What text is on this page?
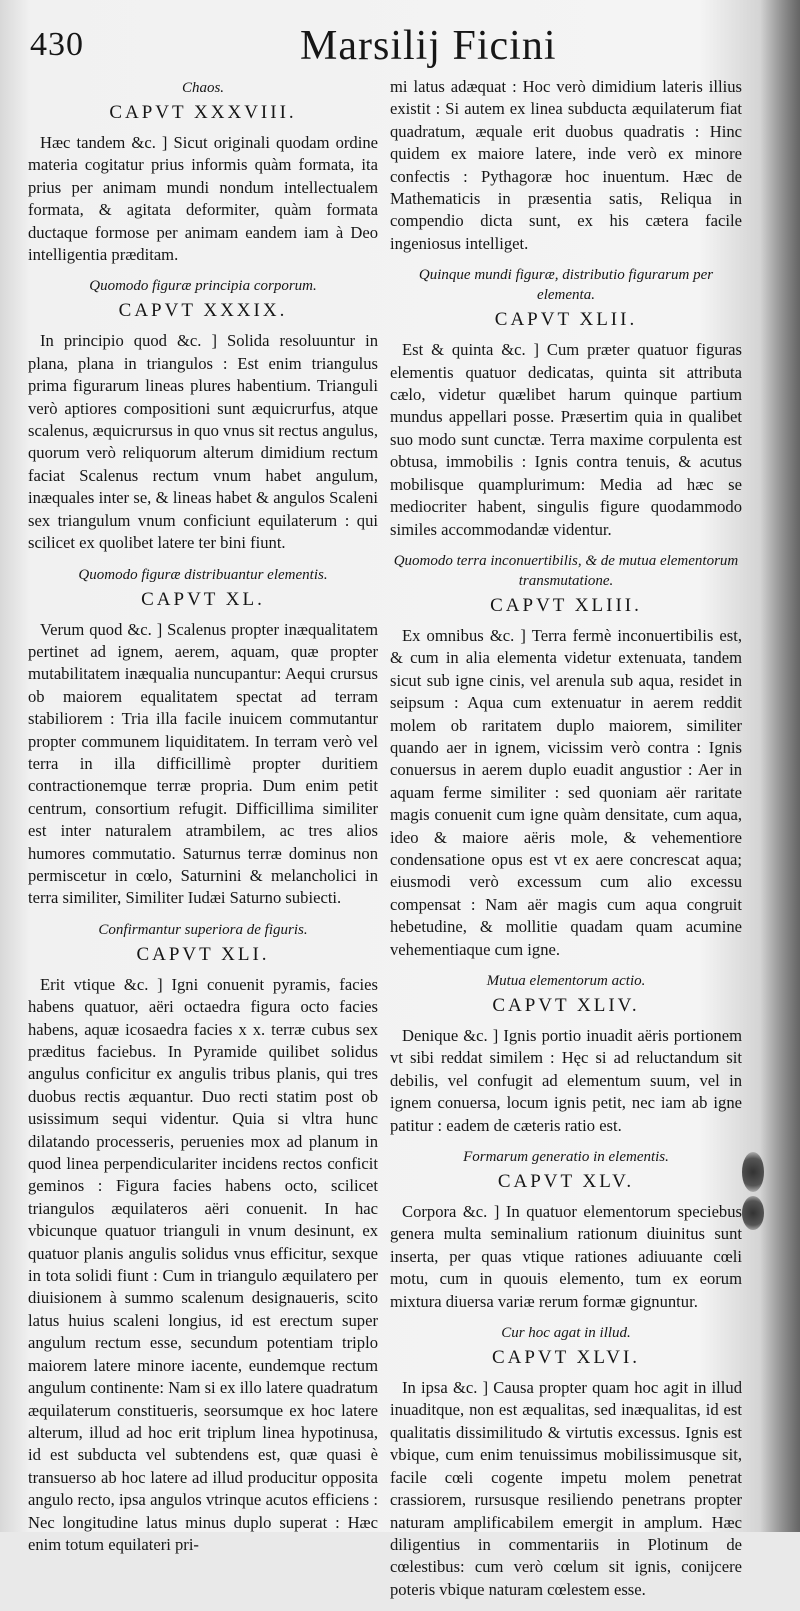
430	Marsilij Ficini
Chaos.
CAPVT XXXVIII.

Hæc tandem &c. ] Sicut originali quodam ordine materia cogitatur prius informis quàm formata, ita prius per animam mundi nondum intellectualem formata, & agitata deformiter, quàm formata ductaque formose per animam eandem iam à Deo intelligentia præditam.

Quomodo figuræ principia corporum.
CAPVT XXXIX.

In principio quod &c. ] Solida resoluuntur in plana, plana in triangulos : Est enim triangulus prima figurarum lineas plures habentium. Trianguli verò aptiores compositioni sunt æquicrurfus, atque scalenus, æquicrursus in quo vnus sit rectus angulus, quorum verò reliquorum alterum dimidium rectum faciat Scalenus rectum vnum habet angulum, inæquales inter se, & lineas habet & angulos Scaleni sex triangulum vnum conficiunt equilaterum : qui scilicet ex quolibet latere ter bini fiunt.

Quomodo figuræ distribuantur elementis.
CAPVT XL.

Verum quod &c. ] Scalenus propter inæqualitatem pertinet ad ignem, aerem, aquam, quæ propter mutabilitatem inæqualia nuncupantur: Aequi crursus ob maiorem equalitatem spectat ad terram stabiliorem : Tria illa facile inuicem commutantur propter communem liquiditatem. In terram verò vel terra in illa difficillimè propter duritiem contractionemque terræ propria. Dum enim petit centrum, consortium refugit. Difficillima similiter est inter naturalem atrambilem, ac tres alios humores commutatio. Saturnus terræ dominus non permiscetur in cœlo, Saturnini & melancholici in terra similiter, Similiter Iudæi Saturno subiecti.

Confirmantur superiora de figuris.
CAPVT XLI.

Erit vtique &c. ] Igni conuenit pyramis, facies habens quatuor, aëri octaedra figura octo facies habens, aquæ icosaedra facies x x. terræ cubus sex præditus faciebus. In Pyramide quilibet solidus angulus conficitur ex angulis tribus planis, qui tres duobus rectis æquantur. Duo recti statim post ob usissimum sequi videntur. Quia si vltra hunc dilatando processeris, peruenies mox ad planum in quod linea perpendiculariter incidens rectos conficit geminos : Figura facies habens octo, scilicet triangulos æquilateros aëri conuenit. In hac vbicunque quatuor trianguli in vnum desinunt, ex quatuor planis angulis solidus vnus efficitur, sexque in tota solidi fiunt : Cum in triangulo æquilatero per diuisionem à summo scalenum designaueris, scito latus huius scaleni longius, id est erectum super angulum rectum esse, secundum potentiam triplo maiorem latere minore iacente, eundemque rectum angulum continente: Nam si ex illo latere quadratum æquilaterum constitueris, seorsumque ex hoc latere alterum, illud ad hoc erit triplum linea hypotinusa, id est subducta vel subtendens est, quæ quasi è transuerso ab hoc latere ad illud producitur opposita angulo recto, ipsa angulos vtrinque acutos efficiens : Nec longitudine latus minus duplo superat : Hæc enim totum equilateri pri-

mi latus adæquat : Hoc verò dimidium lateris illius existit : Si autem ex linea subducta æquilaterum fiat quadratum, æquale erit duobus quadratis : Hinc quidem ex maiore latere, inde verò ex minore confectis : Pythagoræ hoc inuentum. Hæc de Mathematicis in præsentia satis, Reliqua in compendio dicta sunt, ex his cætera facile ingeniosus intelliget.

Quinque mundi figuræ, distributio figurarum per elementa.
CAPVT XLII.

Est & quinta &c. ] Cum præter quatuor figuras elementis quatuor dedicatas, quinta sit attributa cælo, videtur quælibet harum quinque partium mundus appellari posse. Præsertim quia in qualibet suo modo sunt cunctæ. Terra maxime corpulenta est obtusa, immobilis : Ignis contra tenuis, & acutus mobilisque quamplurimum: Media ad hæc se mediocriter habent, singulis figure quodammodo similes accommodandæ videntur.

Quomodo terra inconuertibilis, & de mutua elementorum transmutatione.
CAPVT XLIII.

Ex omnibus &c. ] Terra fermè inconuertibilis est, & cum in alia elementa videtur extenuata, tandem sicut sub igne cinis, vel arenula sub aqua, residet in seipsum : Aqua cum extenuatur in aerem reddit molem ob raritatem duplo maiorem, similiter quando aer in ignem, vicissim verò contra : Ignis conuersus in aerem duplo euadit angustior : Aer in aquam ferme similiter : sed quoniam aër raritate magis conuenit cum igne quàm densitate, cum aqua, ideo & maiore aëris mole, & vehementiore condensatione opus est vt ex aere concrescat aqua; eiusmodi verò excessum cum alio excessu compensat : Nam aër magis cum aqua congruit hebetudine, & mollitie quadam quam acumine vehementiaque cum igne.

Mutua elementorum actio.
CAPVT XLIV.

Denique &c. ] Ignis portio inuadit aëris portionem vt sibi reddat similem : Hęc si ad reluctandum sit debilis, vel confugit ad elementum suum, vel in ignem conuersa, locum ignis petit, nec iam ab igne patitur : eadem de cæteris ratio est.

Formarum generatio in elementis.
CAPVT XLV.

Corpora &c. ] In quatuor elementorum speciebus genera multa seminalium rationum diuinitus sunt inserta, per quas vtique rationes adiuuante cœli motu, cum in quouis elemento, tum ex eorum mixtura diuersa variæ rerum formæ gignuntur.

Cur hoc agat in illud.
CAPVT XLVI.

In ipsa &c. ] Causa propter quam hoc agit in illud inuaditque, non est æqualitas, sed inæqualitas, id est qualitatis dissimilitudo & virtutis excessus. Ignis est vbique, cum enim tenuissimus mobilissimusque sit, facile cœli cogente impetu molem penetrat crassiorem, rursusque resiliendo penetrans propter naturam amplificabilem emergit in amplum. Hæc diligentius in commentariis in Plotinum de cœlestibus: cum verò cœlum sit ignis, conijcere poteris vbique naturam cœlestem esse.
